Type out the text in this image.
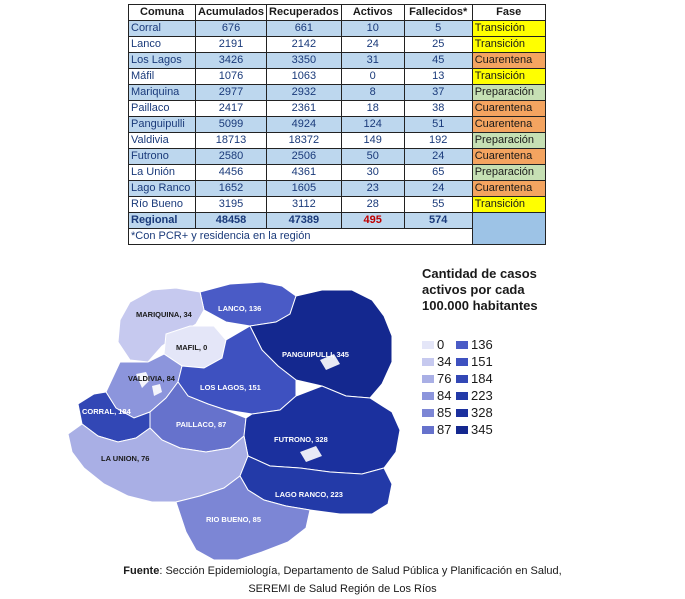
Comuna	Acumulados	Recuperados	Activos	Fallecidos*	Fase
Corral	676	661	10	5	Transición
Lanco	2191	2142	24	25	Transición
Los Lagos	3426	3350	31	45	Cuarentena
Máfil	1076	1063	0	13	Transición
Mariquina	2977	2932	8	37	Preparación
Paillaco	2417	2361	18	38	Cuarentena
Panguipulli	5099	4924	124	51	Cuarentena
Valdivia	18713	18372	149	192	Preparación
Futrono	2580	2506	50	24	Cuarentena
La Unión	4456	4361	30	65	Preparación
Lago Ranco	1652	1605	23	24	Cuarentena
Río Bueno	3195	3112	28	55	Transición
Regional	48458	47389	495	574	
*Con PCR+ y residencia en la región					
LANCO, 136
MARIQUINA, 34
MAFIL, 0
PANGUIPULLI, 345
VALDIVIA, 84
LOS LAGOS, 151
CORRAL, 184
PAILLACO, 87
FUTRONO, 328
LA UNION, 76
LAGO RANCO, 223
RIO BUENO, 85
Cantidad de casos activos por cada 100.000 habitantes
0
34
76
84
85
87
136
151
184
223
328
345
Fuente: Sección Epidemiología, Departamento de Salud Pública y Planificación en Salud,
SEREMI de Salud Región de Los Ríos
